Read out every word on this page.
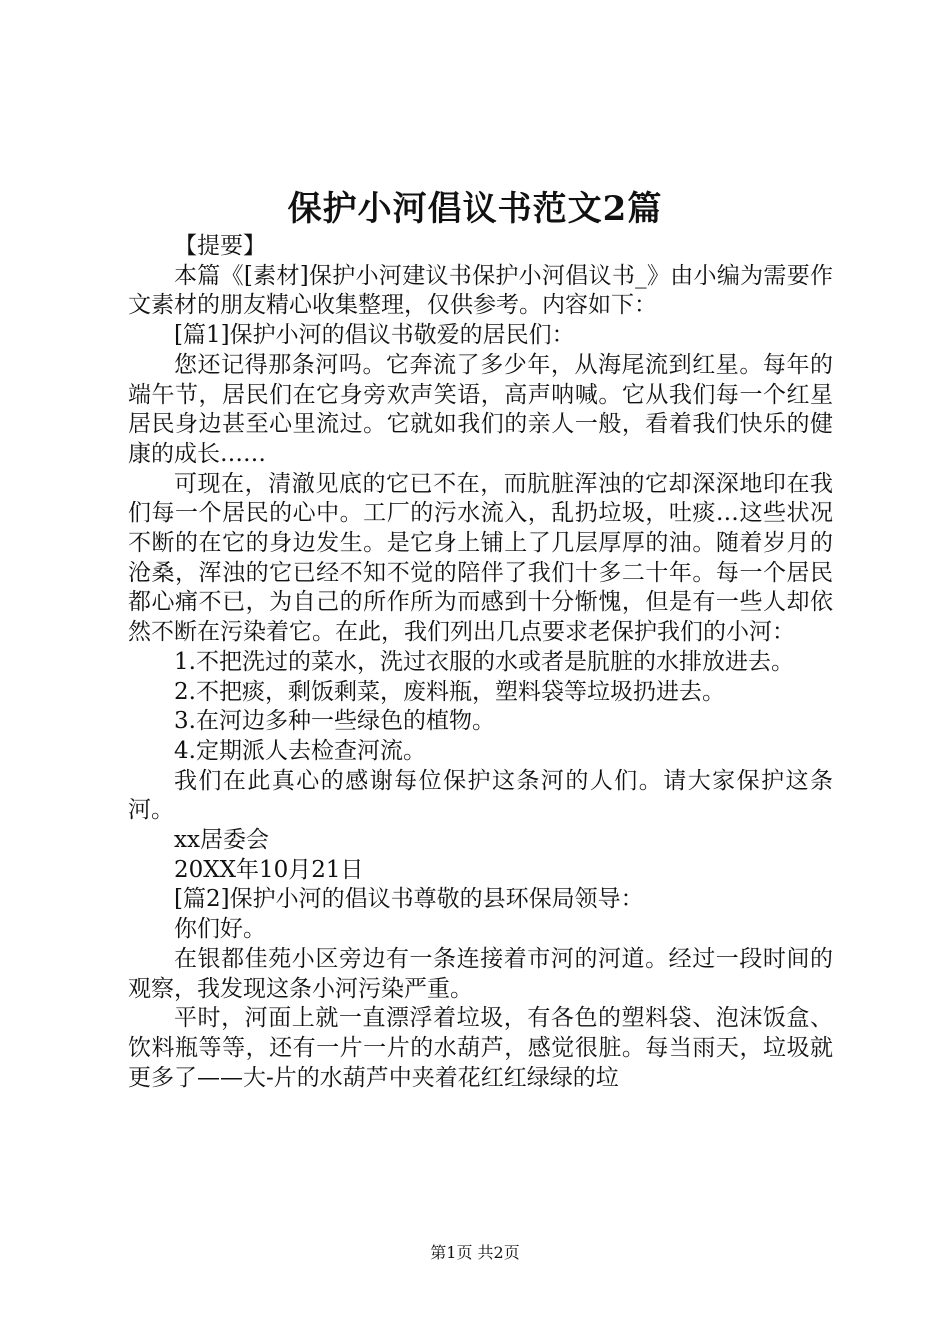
保护小河倡议书范文2篇

【提要】

本篇《[素材]保护小河建议书保护小河倡议书_》由小编为需要作文素材的朋友精心收集整理，仅供参考。内容如下：

[篇1]保护小河的倡议书敬爱的居民们：

您还记得那条河吗。它奔流了多少年，从海尾流到红星。每年的端午节，居民们在它身旁欢声笑语，高声呐喊。它从我们每一个红星居民身边甚至心里流过。它就如我们的亲人一般，看着我们快乐的健康的成长……

可现在，清澈见底的它已不在，而肮脏浑浊的它却深深地印在我们每一个居民的心中。工厂的污水流入，乱扔垃圾，吐痰…这些状况不断的在它的身边发生。是它身上铺上了几层厚厚的油。随着岁月的沧桑，浑浊的它已经不知不觉的陪伴了我们十多二十年。每一个居民都心痛不已，为自己的所作所为而感到十分惭愧，但是有一些人却依然不断在污染着它。在此，我们列出几点要求老保护我们的小河：

1.不把洗过的菜水，洗过衣服的水或者是肮脏的水排放进去。

2.不把痰，剩饭剩菜，废料瓶，塑料袋等垃圾扔进去。

3.在河边多种一些绿色的植物。

4.定期派人去检查河流。

我们在此真心的感谢每位保护这条河的人们。请大家保护这条河。

xx居委会

20XX年10月21日

[篇2]保护小河的倡议书尊敬的县环保局领导：

你们好。

在银都佳苑小区旁边有一条连接着市河的河道。经过一段时间的观察，我发现这条小河污染严重。

平时，河面上就一直漂浮着垃圾，有各色的塑料袋、泡沫饭盒、饮料瓶等等，还有一片一片的水葫芦，感觉很脏。每当雨天，垃圾就更多了——大-片的水葫芦中夹着花红红绿绿的垃

第1页 共2页
